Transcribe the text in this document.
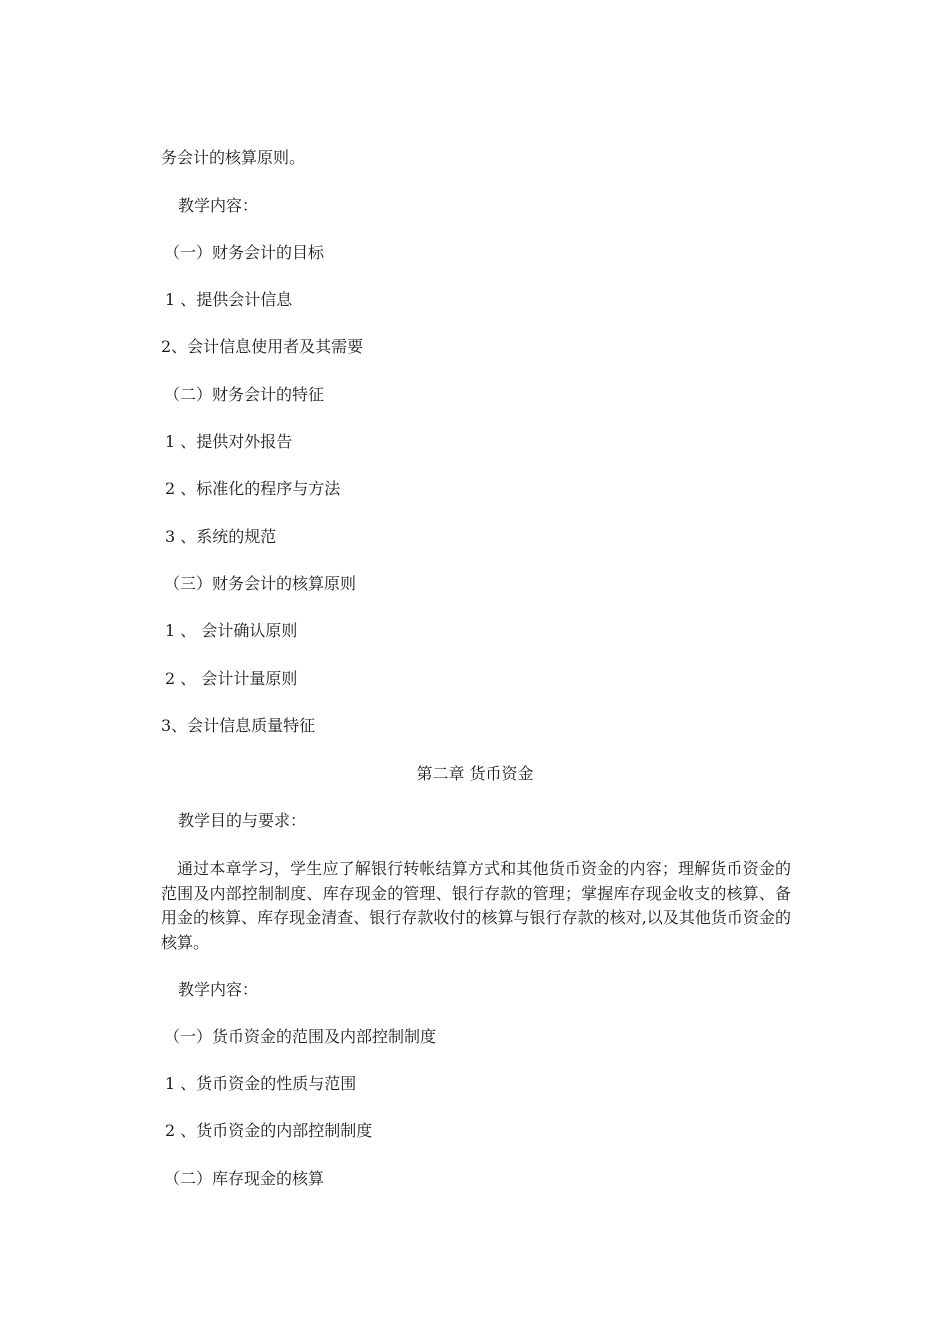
务会计的核算原则。
教学内容：
（一）财务会计的目标
1 、提供会计信息
2、会计信息使用者及其需要
（二）财务会计的特征
1 、提供对外报告
2 、标准化的程序与方法
3 、系统的规范
（三）财务会计的核算原则
1 、 会计确认原则
2 、 会计计量原则
3、会计信息质量特征
第二章 货币资金
教学目的与要求：
通过本章学习，学生应了解银行转帐结算方式和其他货币资金的内容；理解货币资金的范围及内部控制制度、库存现金的管理、银行存款的管理；掌握库存现金收支的核算、备用金的核算、库存现金清查、银行存款收付的核算与银行存款的核对,以及其他货币资金的核算。
教学内容：
（一）货币资金的范围及内部控制制度
1 、货币资金的性质与范围
2 、货币资金的内部控制制度
（二）库存现金的核算
